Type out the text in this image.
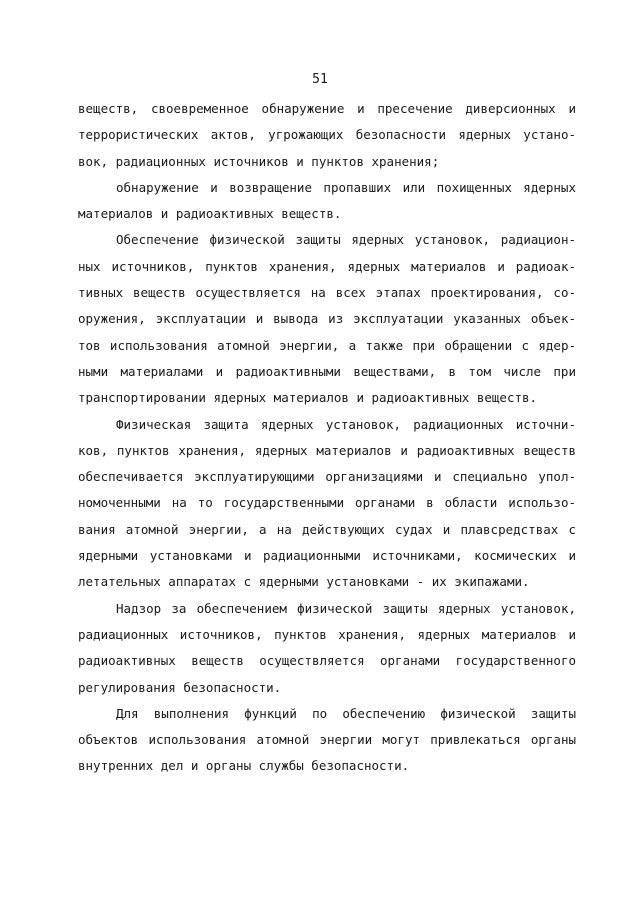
51
веществ, своевременное обнаружение и пресечение диверсионных и
террористических актов, угрожающих безопасности ядерных устано-
вок, радиационных источников и пунктов хранения;
обнаружение и возвращение пропавших или похищенных ядерных
материалов и радиоактивных веществ.
Обеспечение физической защиты ядерных установок, радиацион-
ных источников, пунктов хранения, ядерных материалов и радиоак-
тивных веществ осуществляется на всех этапах проектирования, со-
оружения, эксплуатации и вывода из эксплуатации указанных объек-
тов использования атомной энергии, а также при обращении с ядер-
ными материалами и радиоактивными веществами, в том числе при
транспортировании ядерных материалов и радиоактивных веществ.
Физическая защита ядерных установок, радиационных источни-
ков, пунктов хранения, ядерных материалов и радиоактивных веществ
обеспечивается эксплуатирующими организациями и специально упол-
номоченными на то государственными органами в области использо-
вания атомной энергии, а на действующих судах и плавсредствах с
ядерными установками и радиационными источниками, космических и
летательных аппаратах с ядерными установками - их экипажами.
Надзор за обеспечением физической защиты ядерных установок,
радиационных источников, пунктов хранения, ядерных материалов и
радиоактивных веществ осуществляется органами государственного
регулирования безопасности.
Для выполнения функций по обеспечению физической защиты
объектов использования атомной энергии могут привлекаться органы
внутренних дел и органы службы безопасности.
